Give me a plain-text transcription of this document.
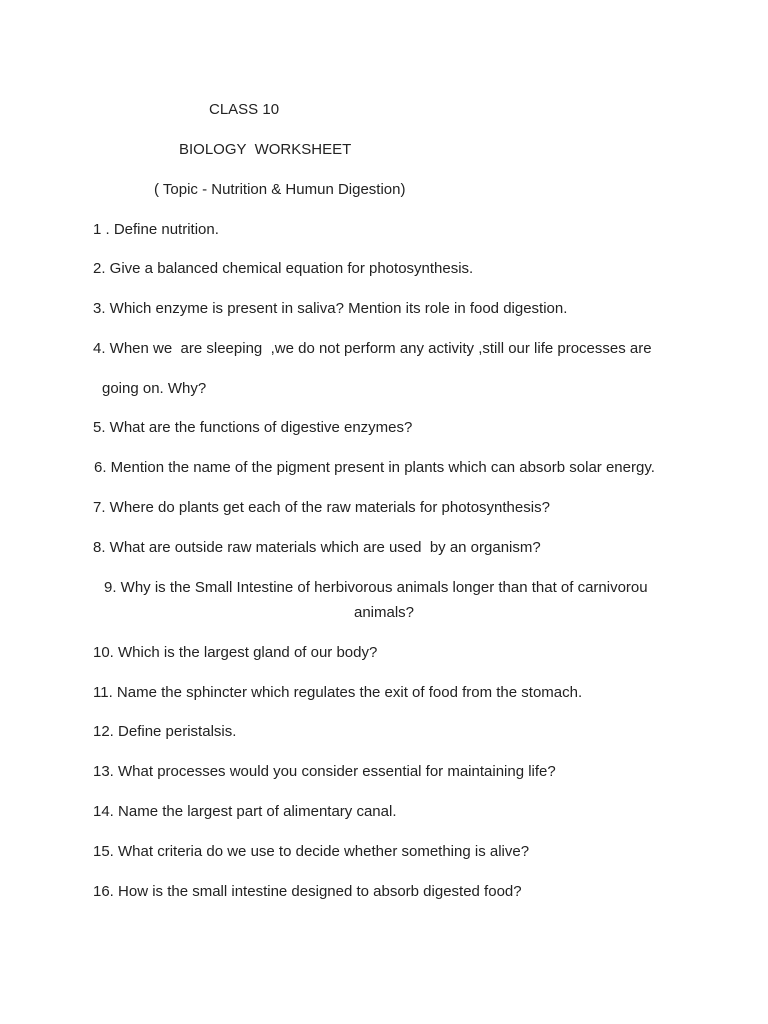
CLASS 10
BIOLOGY  WORKSHEET
( Topic - Nutrition & Humun Digestion)
1 . Define nutrition.
2. Give a balanced chemical equation for photosynthesis.
3. Which enzyme is present in saliva? Mention its role in food digestion.
4. When we  are sleeping  ,we do not perform any activity ,still our life processes are
going on. Why?
5. What are the functions of digestive enzymes?
6. Mention the name of the pigment present in plants which can absorb solar energy.
7. Where do plants get each of the raw materials for photosynthesis?
8. What are outside raw materials which are used  by an organism?
9. Why is the Small Intestine of herbivorous animals longer than that of carnivorou
animals?
10. Which is the largest gland of our body?
11. Name the sphincter which regulates the exit of food from the stomach.
12. Define peristalsis.
13. What processes would you consider essential for maintaining life?
14. Name the largest part of alimentary canal.
15. What criteria do we use to decide whether something is alive?
16. How is the small intestine designed to absorb digested food?
